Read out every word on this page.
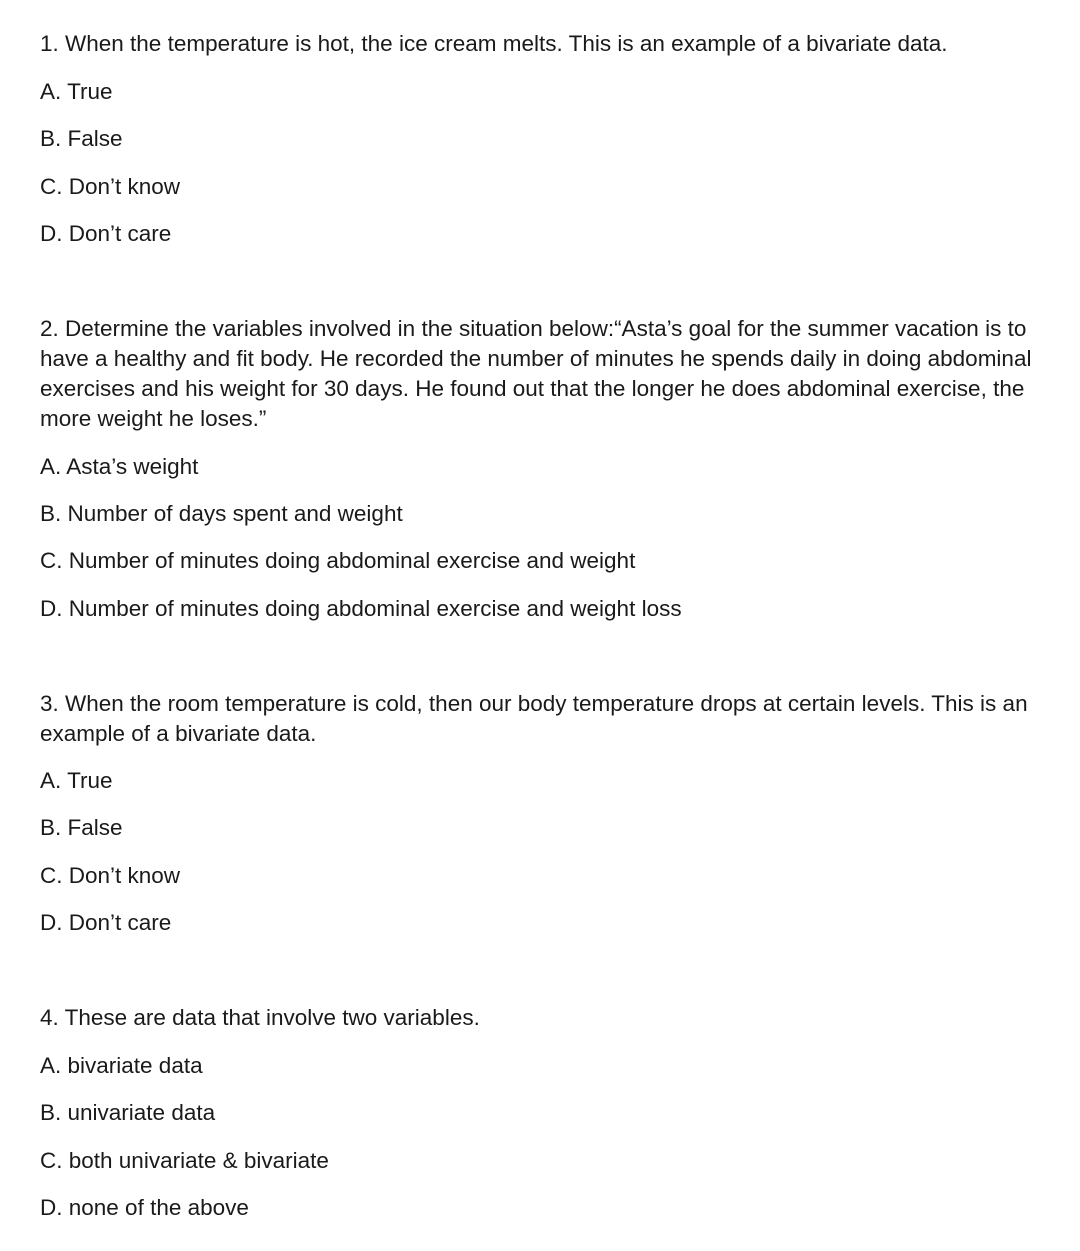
1. When the temperature is hot, the ice cream melts. This is an example of a bivariate data.

A. True

B. False

C. Don’t know

D. Don’t care

2. Determine the variables involved in the situation below:“Asta’s goal for the summer vacation is to have a healthy and fit body. He recorded the number of minutes he spends daily in doing abdominal exercises and his weight for 30 days. He found out that the longer he does abdominal exercise, the more weight he loses.”

A. Asta’s weight

B. Number of days spent and weight

C. Number of minutes doing abdominal exercise and weight

D. Number of minutes doing abdominal exercise and weight loss

3. When the room temperature is cold, then our body temperature drops at certain levels. This is an example of a bivariate data.

A. True

B. False

C. Don’t know

D. Don’t care

4. These are data that involve two variables.

A. bivariate data

B. univariate data

C. both univariate & bivariate

D. none of the above
